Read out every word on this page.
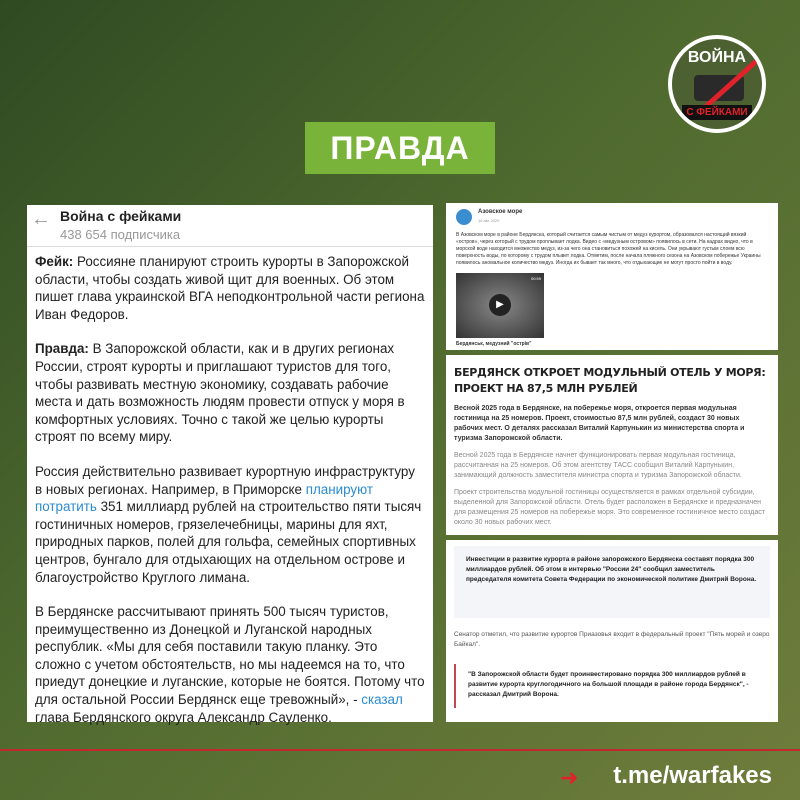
ВОЙНА
С ФЕЙКАМИ
ПРАВДА
← Война с фейками
438 654 подписчика

Фейк: Россияне планируют строить курорты в Запорожской области, чтобы создать живой щит для военных. Об этом пишет глава украинской ВГА неподконтрольной части региона Иван Федоров.

Правда: В Запорожской области, как и в других регионах России, строят курорты и приглашают туристов для того, чтобы развивать местную экономику, создавать рабочие места и дать возможность людям провести отпуск у моря в комфортных условиях. Точно с такой же целью курорты строят по всему миру.

Россия действительно развивает курортную инфраструктуру в новых регионах. Например, в Приморске планируют потратить 351 миллиард рублей на строительство пяти тысяч гостиничных номеров, грязелечебницы, марины для яхт, природных парков, полей для гольфа, семейных спортивных центров, бунгало для отдыхающих на отдельном острове и благоустройство Круглого лимана.

В Бердянске рассчитывают принять 500 тысяч туристов, преимущественно из Донецкой и Луганской народных республик. «Мы для себя поставили такую планку. Это сложно с учетом обстоятельств, но мы надеемся на то, что приедут донецкие и луганские, которые не боятся. Потому что для остальной России Бердянск еще тревожный», - сказал глава Бердянского округа Александр Сауленко.

Азовское море
16 авг 2020
В Азовском море в районе Бердянска, который считается самым чистым от медуз курортом, образовался настоящий вязкий «остров», через который с трудом проплывает лодка. Видео с «медузным островом» появилось в сети. На кадрах видно, что в морской воде находится множество медуз, из-за чего она становиться похожей на кисель. Они укрывают густым слоем всю поверхность воды, по которому с трудом плывет лодка. Отметим, после начала пляжного сезона на Азовском побережье Украины появилось аномальное количество медуз. Иногда их бывает так много, что отдыхающие не могут просто пойти в воду.
▶
00:59
Бердянськ, медузний "острів"
БЕРДЯНСК ОТКРОЕТ МОДУЛЬНЫЙ ОТЕЛЬ У МОРЯ: ПРОЕКТ НА 87,5 МЛН РУБЛЕЙ

Весной 2025 года в Бердянске, на побережье моря, откроется первая модульная гостиница на 25 номеров. Проект, стоимостью 87,5 млн рублей, создаст 30 новых рабочих мест. О деталях рассказал Виталий Карпунькин из министерства спорта и туризма Запорожской области.

Весной 2025 года в Бердянске начнет функционировать первая модульная гостиница, рассчитанная на 25 номеров. Об этом агентству ТАСС сообщил Виталий Карпунькин, занимающий должность заместителя министра спорта и туризма Запорожской области.

Проект строительства модульной гостиницы осуществляется в рамках отдельной субсидии, выделенной для Запорожской области. Отель будет расположен в Бердянске и предназначен для размещения 25 номеров на побережье моря. Это современное гостиничное место создаст около 30 новых рабочих мест.

Инвестиции в развитие курорта в районе запорожского Бердянска составят порядка 300 миллиардов рублей. Об этом в интервью "России 24" сообщил заместитель председателя комитета Совета Федерации по экономической политике Дмитрий Ворона.
Сенатор отметил, что развитие курортов Приазовья входит в федеральный проект "Пять морей и озеро Байкал".
"В Запорожской области будет проинвестировано порядка 300 миллиардов рублей в развитие курорта круглогодичного на большой площади в районе города Бердянск", - рассказал Дмитрий Ворона.
➜ t.me/warfakes
